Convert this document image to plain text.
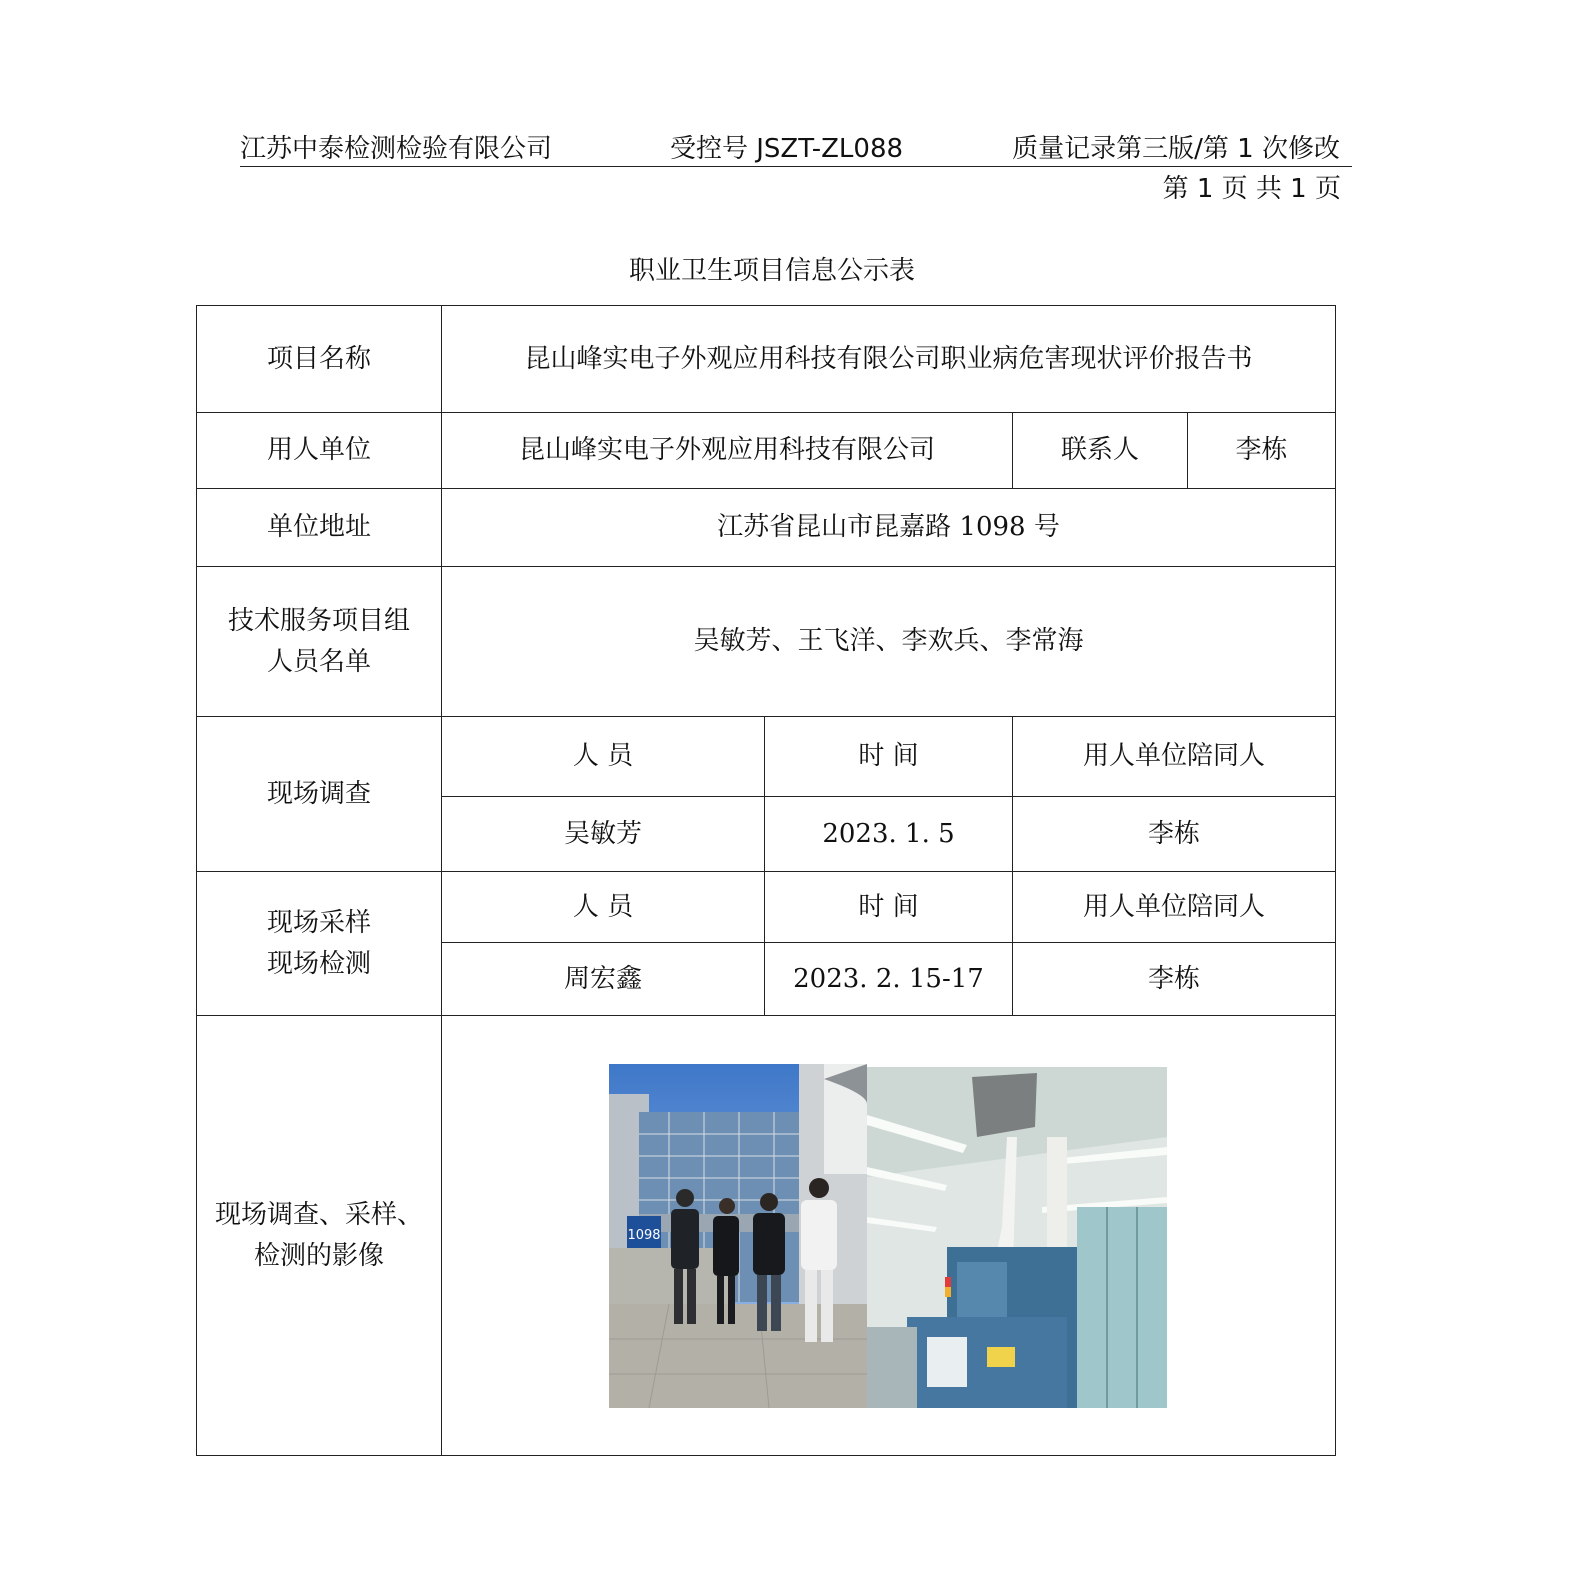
江苏中泰检测检验有限公司	受控号 JSZT-ZL088	质量记录第三版/第 1 次修改
第 1 页 共 1 页
职业卫生项目信息公示表
项目名称	昆山峰实电子外观应用科技有限公司职业病危害现状评价报告书			
用人单位	昆山峰实电子外观应用科技有限公司		联系人	李栋
单位地址	江苏省昆山市昆嘉路 1098 号			

技术服务项目组
人员名单	吴敏芳、王飞洋、李欢兵、李常海			
现场调查	人 员	时 间	用人单位陪同人	
	吴敏芳	2023. 1. 5	李栋	

现场采样
现场检测	人 员	时 间	用人单位陪同人	
	周宏鑫	2023. 2. 15-17	李栋	

现场调查、采样、
检测的影像	1098			
